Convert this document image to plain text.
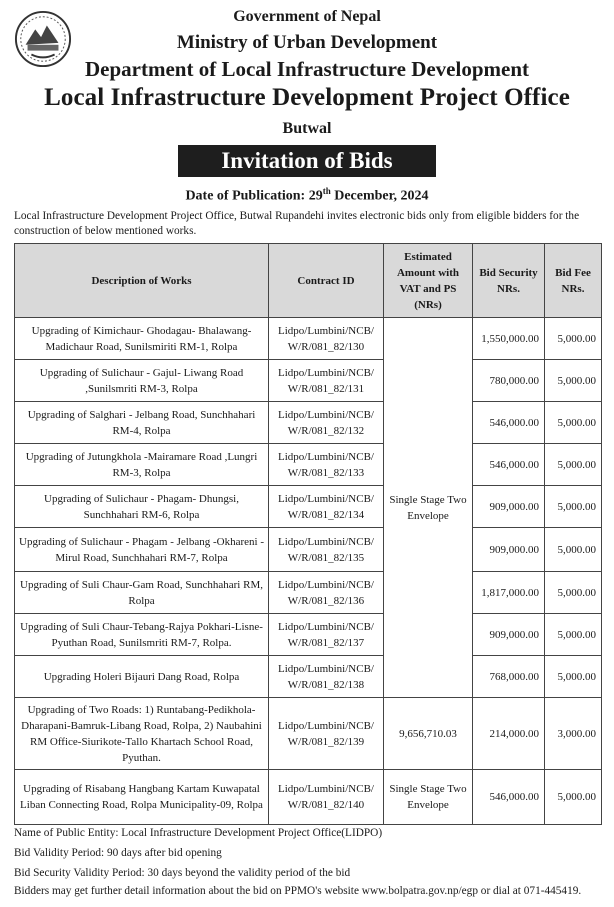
Government of Nepal
Ministry of Urban Development
Department of Local Infrastructure Development
Local Infrastructure Development Project Office
Butwal
Invitation of Bids
Date of Publication: 29th December, 2024
Local Infrastructure Development Project Office, Butwal Rupandehi invites electronic bids only from eligible bidders for the construction of below mentioned works.
Description of Works	Contract ID	Estimated Amount with VAT and PS (NRs)	Bid Security NRs.	Bid Fee NRs.
Upgrading of Kimichaur- Ghodagau- Bhalawang-Madichaur Road, Sunilsmiriti RM-1, Rolpa	Lidpo/Lumbini/NCB/ W/R/081_82/130	Single Stage Two Envelope	1,550,000.00	5,000.00
Upgrading of Sulichaur - Gajul- Liwang Road ,Sunilsmriti RM-3, Rolpa	Lidpo/Lumbini/NCB/ W/R/081_82/131		780,000.00	5,000.00
Upgrading of Salghari - Jelbang Road, Sunchhahari RM-4, Rolpa	Lidpo/Lumbini/NCB/ W/R/081_82/132		546,000.00	5,000.00
Upgrading of Jutungkhola -Mairamare Road ,Lungri RM-3, Rolpa	Lidpo/Lumbini/NCB/ W/R/081_82/133		546,000.00	5,000.00
Upgrading of Sulichaur - Phagam- Dhungsi, Sunchhahari RM-6, Rolpa	Lidpo/Lumbini/NCB/ W/R/081_82/134		909,000.00	5,000.00
Upgrading of Sulichaur - Phagam - Jelbang -Okhareni - Mirul Road, Sunchhahari RM-7, Rolpa	Lidpo/Lumbini/NCB/ W/R/081_82/135		909,000.00	5,000.00
Upgrading of Suli Chaur-Gam Road, Sunchhahari RM, Rolpa	Lidpo/Lumbini/NCB/ W/R/081_82/136		1,817,000.00	5,000.00
Upgrading of Suli Chaur-Tebang-Rajya Pokhari-Lisne-Pyuthan Road, Sunilsmriti RM-7, Rolpa.	Lidpo/Lumbini/NCB/ W/R/081_82/137		909,000.00	5,000.00
Upgrading Holeri Bijauri Dang Road, Rolpa	Lidpo/Lumbini/NCB/ W/R/081_82/138		768,000.00	5,000.00
Upgrading of Two Roads: 1) Runtabang-Pedikhola-Dharapani-Bamruk-Libang Road, Rolpa, 2) Naubahini RM Office-Siurikote-Tallo Khartach School Road, Pyuthan.	Lidpo/Lumbini/NCB/ W/R/081_82/139	9,656,710.03	214,000.00	3,000.00
Upgrading of Risabang Hangbang Kartam Kuwapatal Liban Connecting Road, Rolpa Municipality-09, Rolpa	Lidpo/Lumbini/NCB/ W/R/081_82/140	Single Stage Two Envelope	546,000.00	5,000.00
Name of Public Entity: Local Infrastructure Development Project Office(LIDPO)
Bid Validity Period: 90 days after bid opening
Bid Security Validity Period: 30 days beyond the validity period of the bid
Bidders may get further detail information about the bid on PPMO's website www.bolpatra.gov.np/egp or dial at 071-445419.
